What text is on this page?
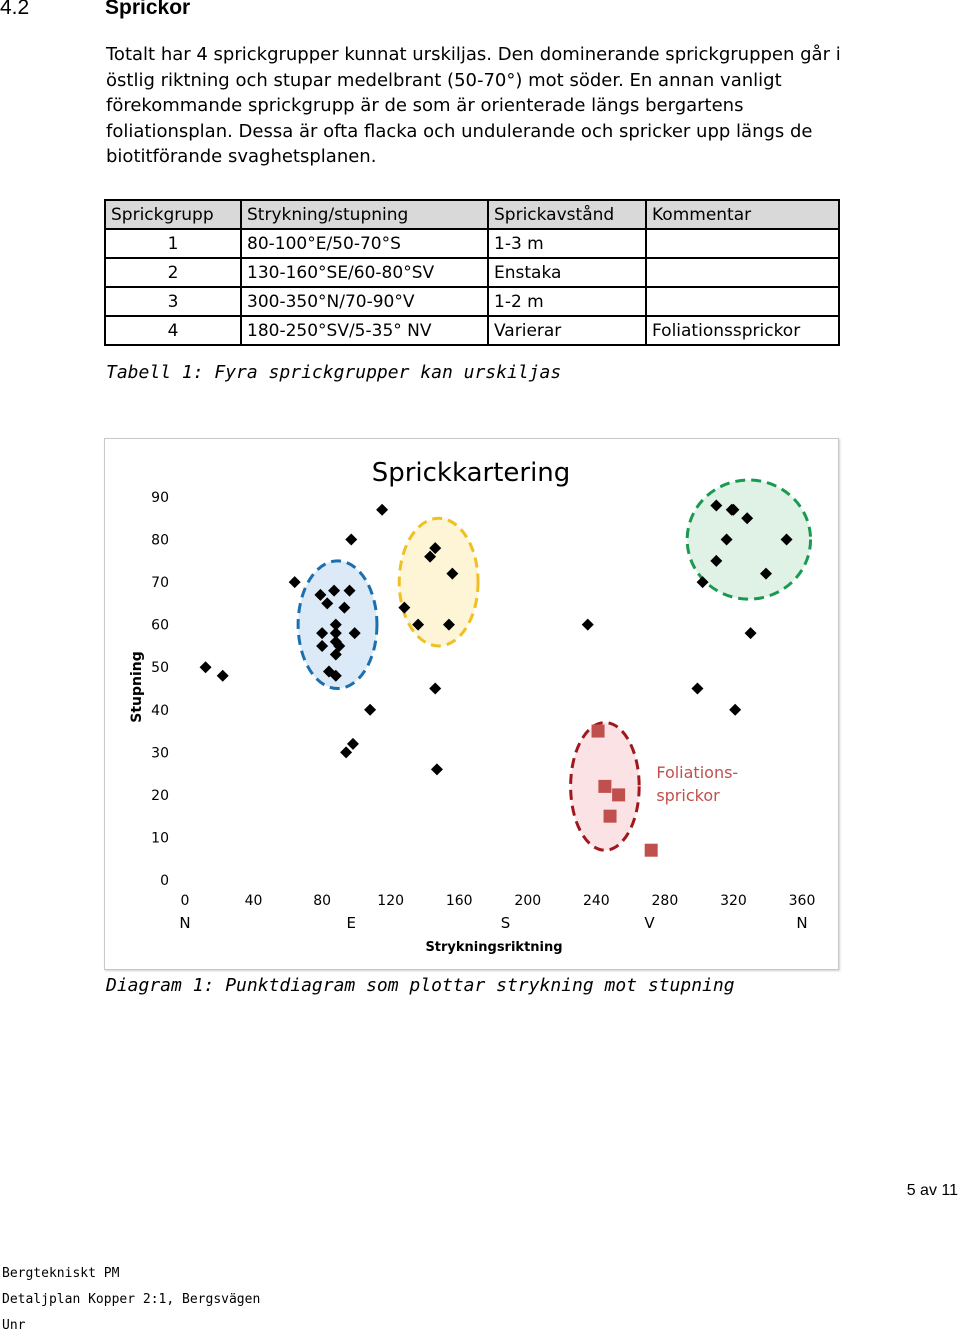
4.2	Sprickor

Totalt har 4 sprickgrupper kunnat urskiljas. Den dominerande sprickgruppen går i

östlig riktning och stupar medelbrant (50-70°) mot söder. En annan vanligt

förekommande sprickgrupp är de som är orienterade längs bergartens

foliationsplan. Dessa är ofta flacka och undulerande och spricker upp längs de

biotitförande svaghetsplanen.

Sprickgrupp	Strykning/stupning	Sprickavstånd	Kommentar
1	80-100°E/50-70°S	1-3 m	
2	130-160°SE/60-80°SV	Enstaka	
3	300-350°N/70-90°V	1-2 m	
4	180-250°SV/5-35° NV	Varierar	Foliationssprickor
Tabell 1: Fyra sprickgrupper kan urskiljas
Sprickkartering
0
10
20
30
40
50
60
70
80
90
Stupning
0	40	80	120	160	200	240	280	320	360
N	E	S	V	N
Strykningsriktning
Foliations-
sprickor
Diagram 1: Punktdiagram som plottar strykning mot stupning
5 av 11
Bergtekniskt PM
Detaljplan Kopper 2:1, Bergsvägen
Unr
